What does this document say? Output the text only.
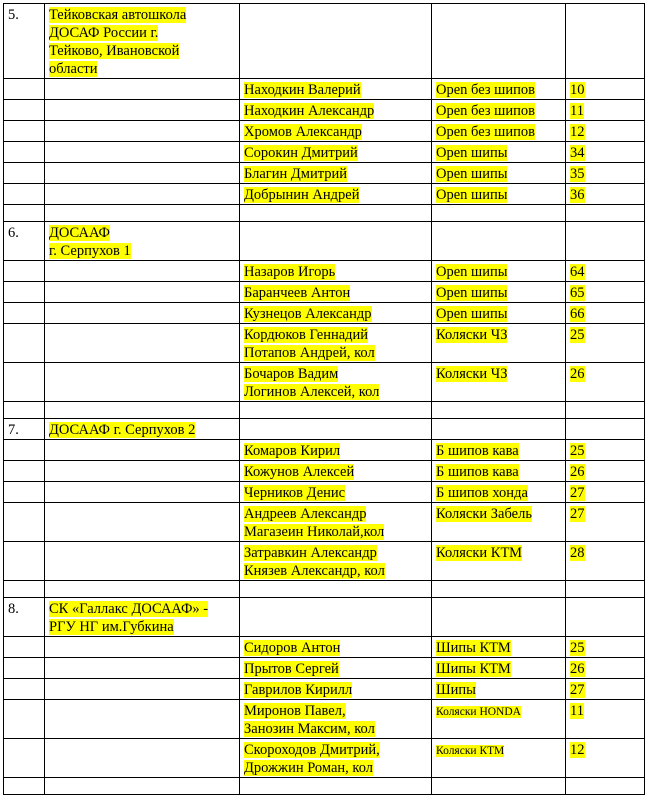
5.	Тейковская автошкола
ДОСАФ России г.
Тейково, Ивановской
области			

		Находкин Валерий	Open без шипов	10

		Находкин Александр	Open без шипов	11

		Хромов Александр	Open без шипов	12

		Сорокин Дмитрий	Open шипы	34

		Благин Дмитрий	Open шипы	35

		Добрынин Андрей	Open шипы	36

6.	ДОСААФ
г. Серпухов 1			

		Назаров Игорь	Open шипы	64

		Баранчеев Антон	Open шипы	65

		Кузнецов Александр	Open шипы	66

		Кордюков Геннадий
Потапов Андрей, кол	Коляски ЧЗ	25

		Бочаров Вадим
Логинов Алексей, кол	Коляски ЧЗ	26

7.	ДОСААФ г. Серпухов 2			

		Комаров Кирил	Б шипов кава	25

		Кожунов Алексей	Б шипов кава	26

		Черников Денис	Б шипов хонда	27

		Андреев Александр
Магазеин Николай,кол	Коляски Забель	27

		Затравкин Александр
Князев Александр, кол	Коляски КТМ	28

8.	СК «Галлакс ДОСААФ» -
РГУ НГ им.Губкина			

		Сидоров Антон	Шипы КТМ	25

		Прытов Сергей	Шипы КТМ	26

		Гаврилов Кирилл	Шипы	27

		Миронов Павел,
Занозин Максим, кол	Коляски HONDA	11

		Скороходов Дмитрий,
Дрожжин Роман, кол	Коляски КТМ	12
